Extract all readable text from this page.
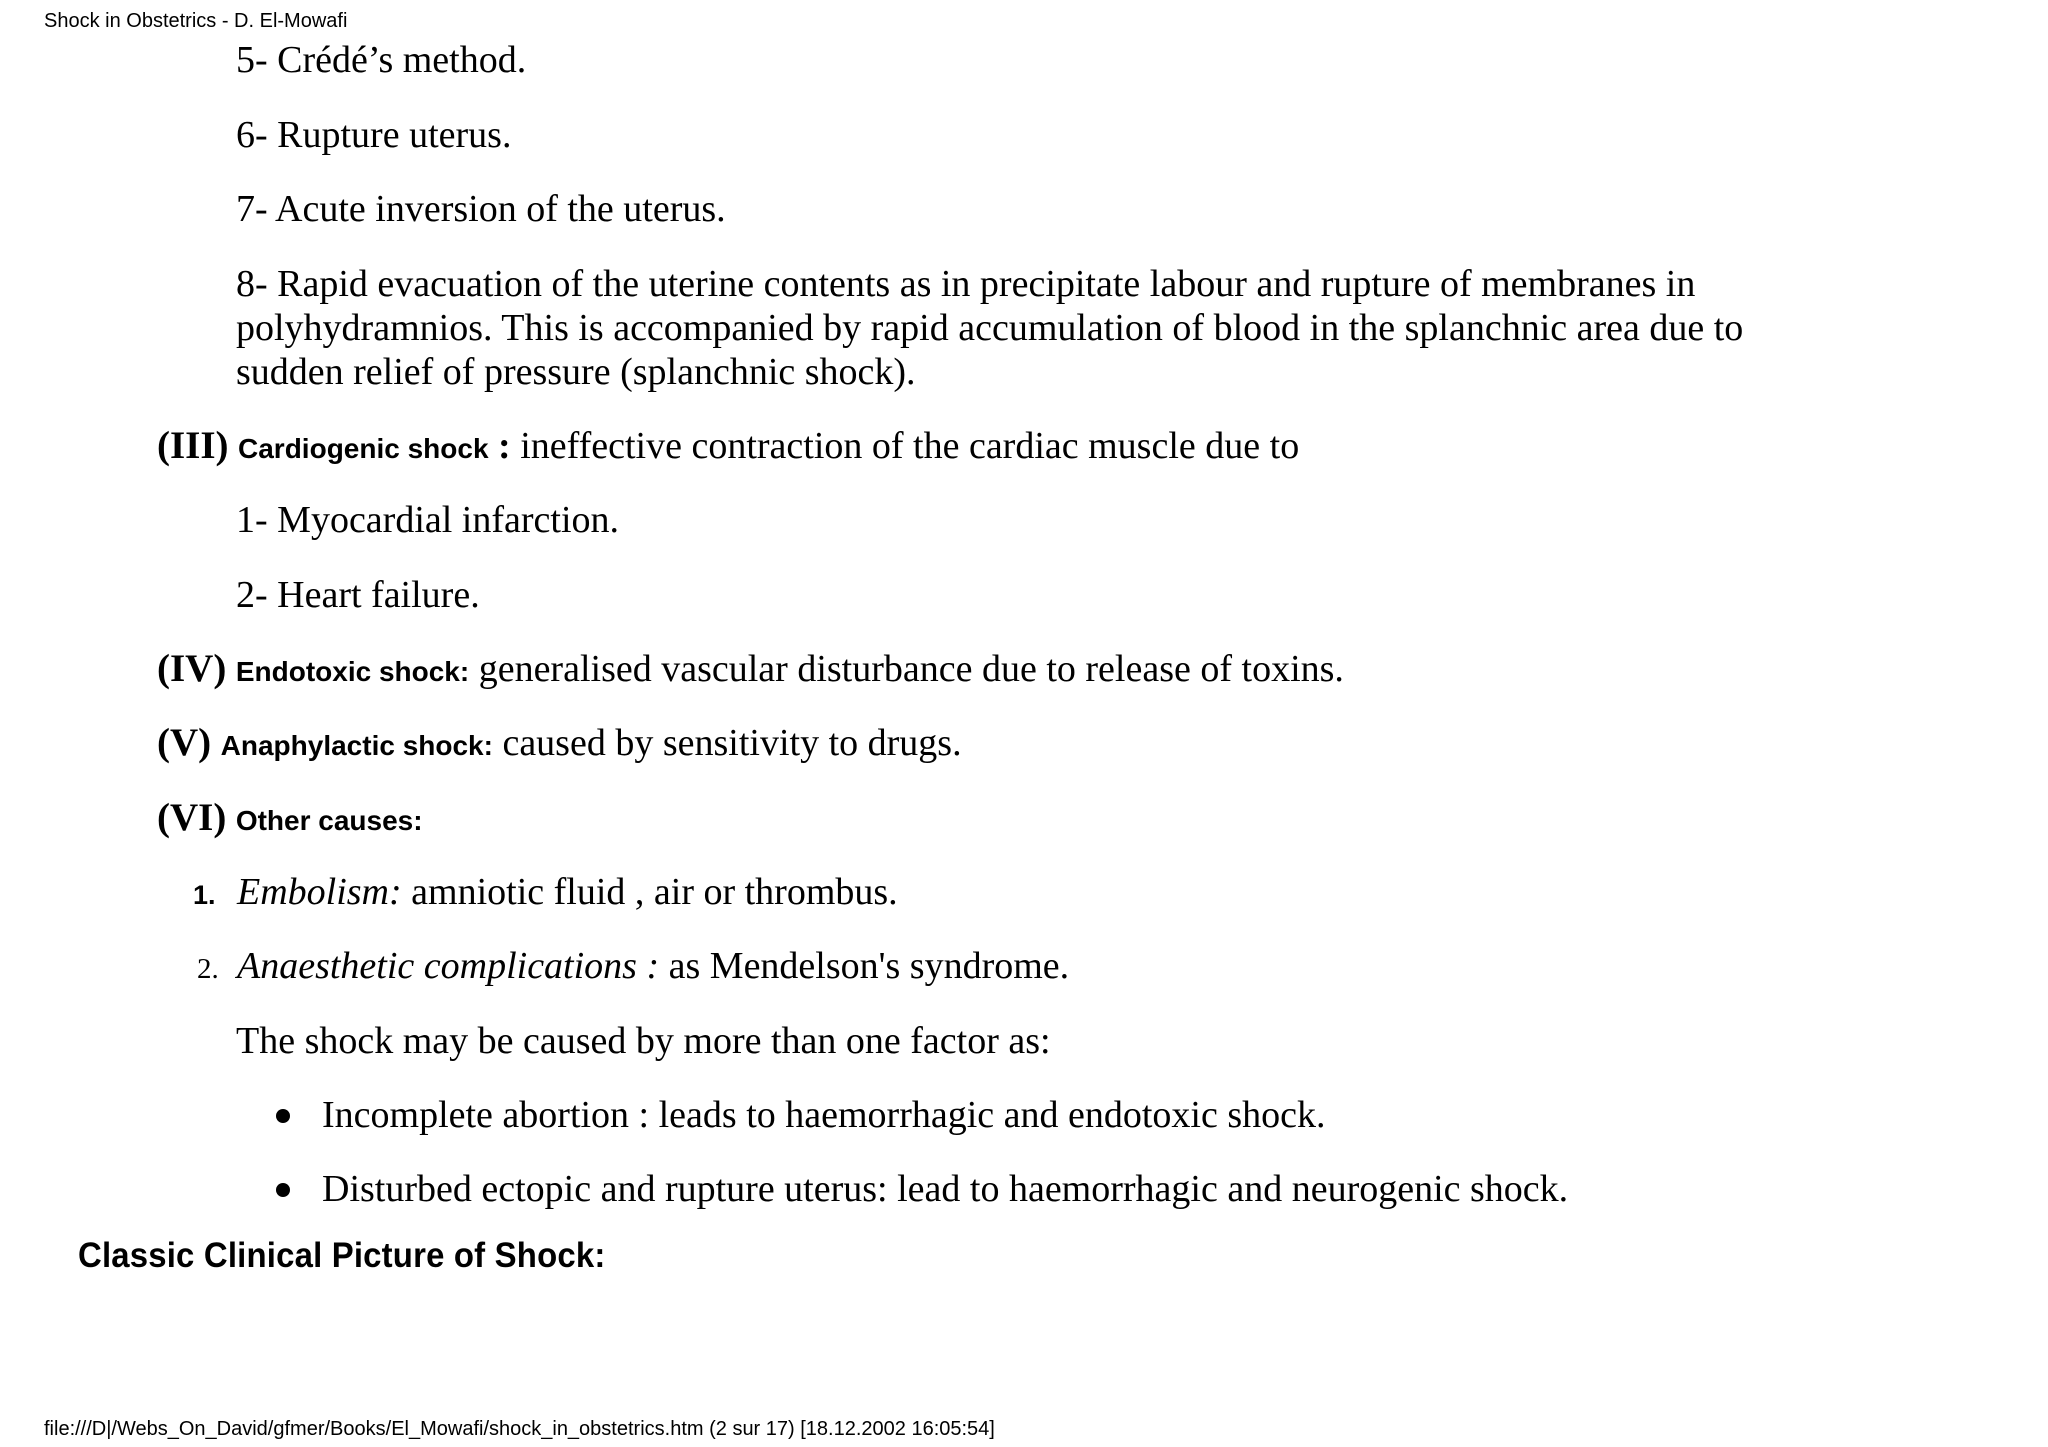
Shock in Obstetrics - D. El-Mowafi
5- Crédé’s method.
6- Rupture uterus.
7- Acute inversion of the uterus.
8- Rapid evacuation of the uterine contents as in precipitate labour and rupture of membranes in
polyhydramnios. This is accompanied by rapid accumulation of blood in the splanchnic area due to
sudden relief of pressure (splanchnic shock).
(III) Cardiogenic shock : ineffective contraction of the cardiac muscle due to
1- Myocardial infarction.
2- Heart failure.
(IV) Endotoxic shock: generalised vascular disturbance due to release of toxins.
(V) Anaphylactic shock: caused by sensitivity to drugs.
(VI) Other causes:
1. Embolism: amniotic fluid , air or thrombus.
2. Anaesthetic complications : as Mendelson's syndrome.
The shock may be caused by more than one factor as:
Incomplete abortion : leads to haemorrhagic and endotoxic shock.
Disturbed ectopic and rupture uterus: lead to haemorrhagic and neurogenic shock.
Classic Clinical Picture of Shock:
file:///D|/Webs_On_David/gfmer/Books/El_Mowafi/shock_in_obstetrics.htm (2 sur 17) [18.12.2002 16:05:54]
